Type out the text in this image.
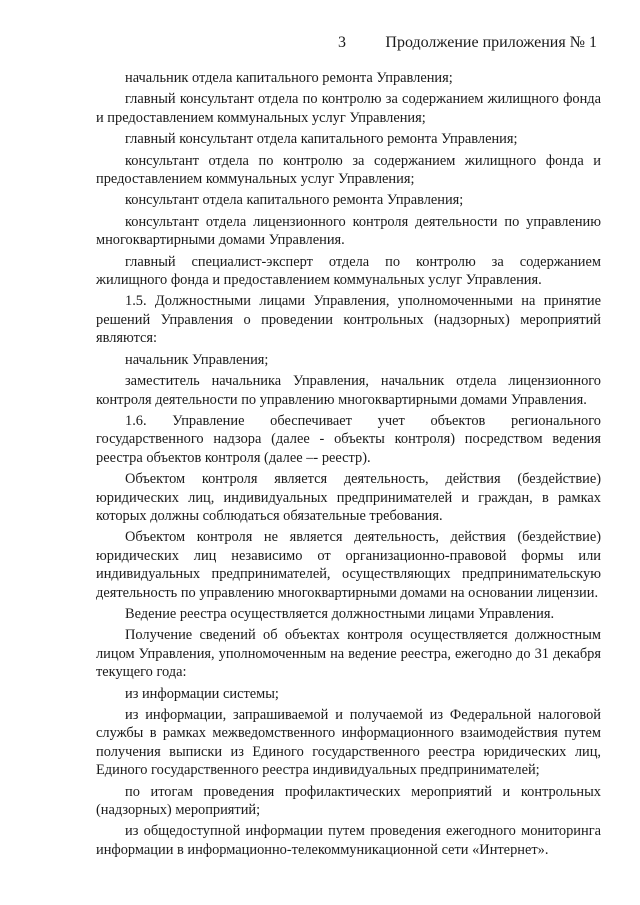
3 Продолжение приложения № 1

начальник отдела капитального ремонта Управления;

главный консультант отдела по контролю за содержанием жилищного фонда и предоставлением коммунальных услуг Управления;

главный консультант отдела капитального ремонта Управления;

консультант отдела по контролю за содержанием жилищного фонда и предоставлением коммунальных услуг Управления;

консультант отдела капитального ремонта Управления;

консультант отдела лицензионного контроля деятельности по управлению многоквартирными домами Управления.

главный специалист-эксперт отдела по контролю за содержанием жилищного фонда и предоставлением коммунальных услуг Управления.

1.5. Должностными лицами Управления, уполномоченными на принятие решений Управления о проведении контрольных (надзорных) мероприятий являются:

начальник Управления;

заместитель начальника Управления, начальник отдела лицензионного контроля деятельности по управлению многоквартирными домами Управления.

1.6. Управление обеспечивает учет объектов регионального государственного надзора (далее - объекты контроля) посредством ведения реестра объектов контроля (далее –- реестр).

Объектом контроля является деятельность, действия (бездействие) юридических лиц, индивидуальных предпринимателей и граждан, в рамках которых должны соблюдаться обязательные требования.

Объектом контроля не является деятельность, действия (бездействие) юридических лиц независимо от организационно-правовой формы или индивидуальных предпринимателей, осуществляющих предпринимательскую деятельность по управлению многоквартирными домами на основании лицензии.

Ведение реестра осуществляется должностными лицами Управления.

Получение сведений об объектах контроля осуществляется должностным лицом Управления, уполномоченным на ведение реестра, ежегодно до 31 декабря текущего года:

из информации системы;

из информации, запрашиваемой и получаемой из Федеральной налоговой службы в рамках межведомственного информационного взаимодействия путем получения выписки из Единого государственного реестра юридических лиц, Единого государственного реестра индивидуальных предпринимателей;

по итогам проведения профилактических мероприятий и контрольных (надзорных) мероприятий;

из общедоступной информации путем проведения ежегодного мониторинга информации в информационно-телекоммуникационной сети «Интернет».
